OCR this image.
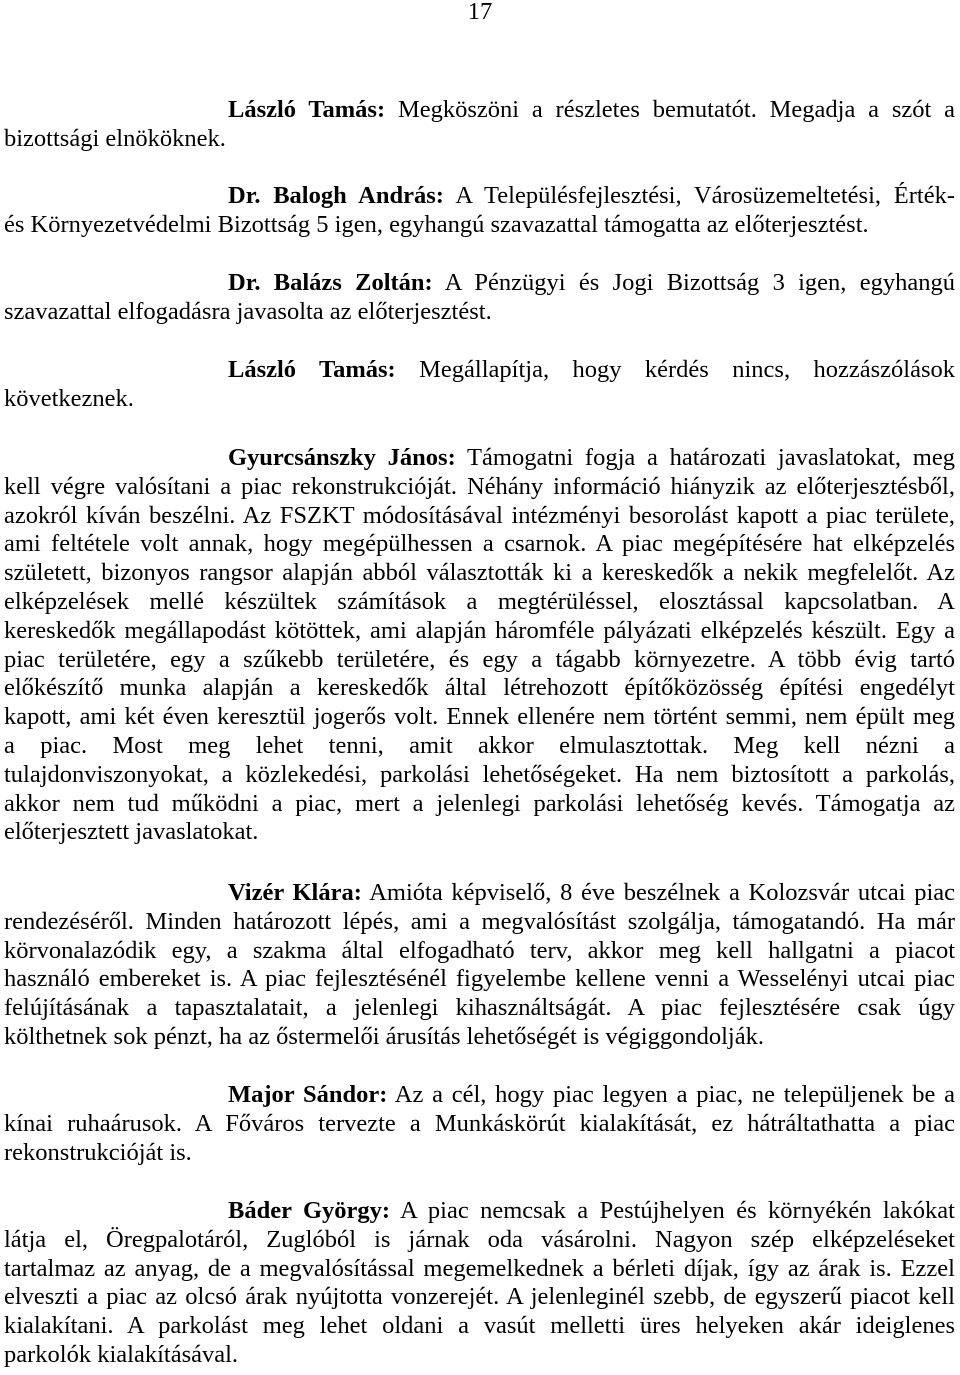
17
László Tamás: Megköszöni a részletes bemutatót. Megadja a szót a
bizottsági elnököknek.
Dr. Balogh András: A Településfejlesztési, Városüzemeltetési, Érték-
és Környezetvédelmi Bizottság 5 igen, egyhangú szavazattal támogatta az előterjesztést.
Dr. Balázs Zoltán: A Pénzügyi és Jogi Bizottság 3 igen, egyhangú
szavazattal elfogadásra javasolta az előterjesztést.
László Tamás: Megállapítja, hogy kérdés nincs, hozzászólások
következnek.
Gyurcsánszky János: Támogatni fogja a határozati javaslatokat, meg
kell végre valósítani a piac rekonstrukcióját. Néhány információ hiányzik az előterjesztésből,
azokról kíván beszélni. Az FSZKT módosításával intézményi besorolást kapott a piac területe,
ami feltétele volt annak, hogy megépülhessen a csarnok. A piac megépítésére hat elképzelés
született, bizonyos rangsor alapján abból választották ki a kereskedők a nekik megfelelőt. Az
elképzelések mellé készültek számítások a megtérüléssel, elosztással kapcsolatban. A
kereskedők megállapodást kötöttek, ami alapján háromféle pályázati elképzelés készült. Egy a
piac területére, egy a szűkebb területére, és egy a tágabb környezetre. A több évig tartó
előkészítő munka alapján a kereskedők által létrehozott építőközösség építési engedélyt
kapott, ami két éven keresztül jogerős volt. Ennek ellenére nem történt semmi, nem épült meg
a piac. Most meg lehet tenni, amit akkor elmulasztottak. Meg kell nézni a
tulajdonviszonyokat, a közlekedési, parkolási lehetőségeket. Ha nem biztosított a parkolás,
akkor nem tud működni a piac, mert a jelenlegi parkolási lehetőség kevés. Támogatja az
előterjesztett javaslatokat.
Vizér Klára: Amióta képviselő, 8 éve beszélnek a Kolozsvár utcai piac
rendezéséről. Minden határozott lépés, ami a megvalósítást szolgálja, támogatandó. Ha már
körvonalazódik egy, a szakma által elfogadható terv, akkor meg kell hallgatni a piacot
használó embereket is. A piac fejlesztésénél figyelembe kellene venni a Wesselényi utcai piac
felújításának a tapasztalatait, a jelenlegi kihasználtságát. A piac fejlesztésére csak úgy
költhetnek sok pénzt, ha az őstermelői árusítás lehetőségét is végiggondolják.
Major Sándor: Az a cél, hogy piac legyen a piac, ne települjenek be a
kínai ruhaárusok. A Főváros tervezte a Munkáskörút kialakítását, ez hátráltathatta a piac
rekonstrukcióját is.
Báder György: A piac nemcsak a Pestújhelyen és környékén lakókat
látja el, Öregpalotáról, Zuglóból is járnak oda vásárolni. Nagyon szép elképzeléseket
tartalmaz az anyag, de a megvalósítással megemelkednek a bérleti díjak, így az árak is. Ezzel
elveszti a piac az olcsó árak nyújtotta vonzerejét. A jelenleginél szebb, de egyszerű piacot kell
kialakítani. A parkolást meg lehet oldani a vasút melletti üres helyeken akár ideiglenes
parkolók kialakításával.
